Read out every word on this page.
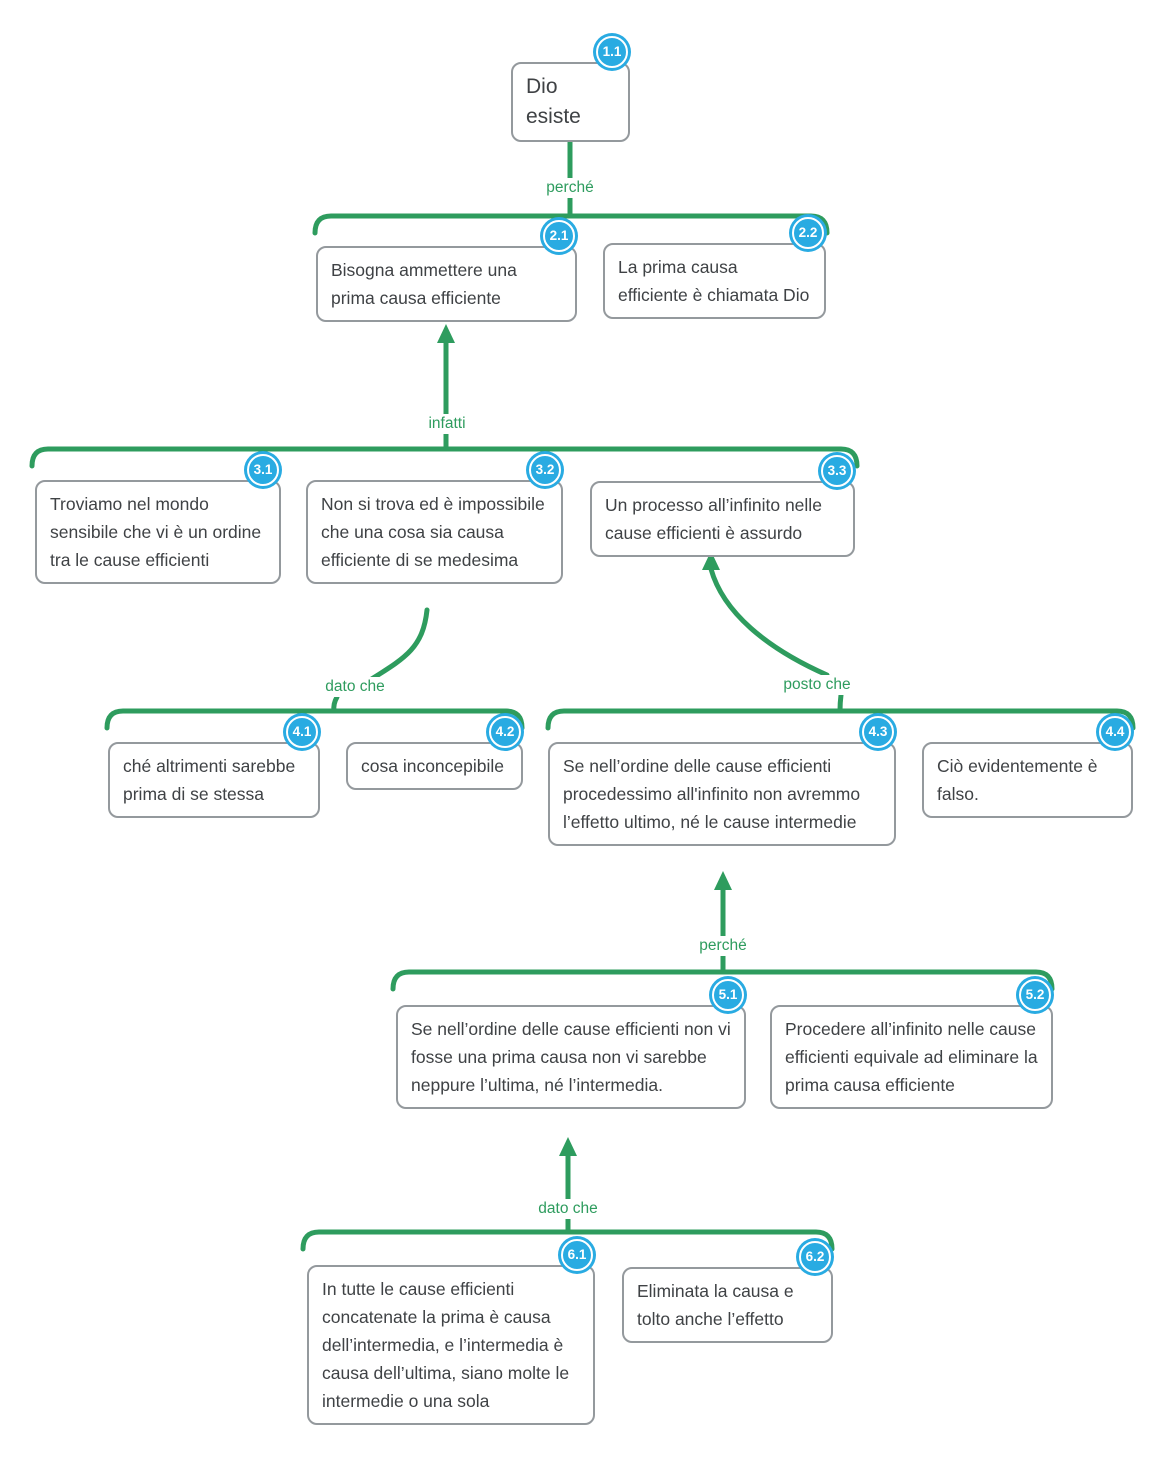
perché
infatti
dato che	posto che
perché
dato che
1.1
Dio esiste
2.1
Bisogna ammettere una prima causa efficiente
2.2
La prima causa efficiente è chiamata Dio
3.1
Troviamo nel mondo sensibile che vi è un ordine tra le cause efficienti
3.2
Non si trova ed è impossibile che una cosa sia causa efficiente di se medesima
3.3
Un processo all’infinito nelle cause efficienti è assurdo
4.1
ché altrimenti sarebbe prima di se stessa
4.2
cosa inconcepibile
4.3
Se nell’ordine delle cause efficienti procedessimo all'infinito non avremmo l’effetto ultimo, né le cause intermedie
4.4
Ciò evidentemente è falso.
5.1
Se nell’ordine delle cause efficienti non vi fosse una prima causa non vi sarebbe neppure l’ultima, né l’intermedia.
5.2
Procedere all’infinito nelle cause efficienti equivale ad eliminare la prima causa efficiente
6.1
In tutte le cause efficienti concatenate la prima è causa dell’intermedia, e l’intermedia è causa dell’ultima, siano molte le intermedie o una sola
6.2
Eliminata la causa e tolto anche l’effetto
